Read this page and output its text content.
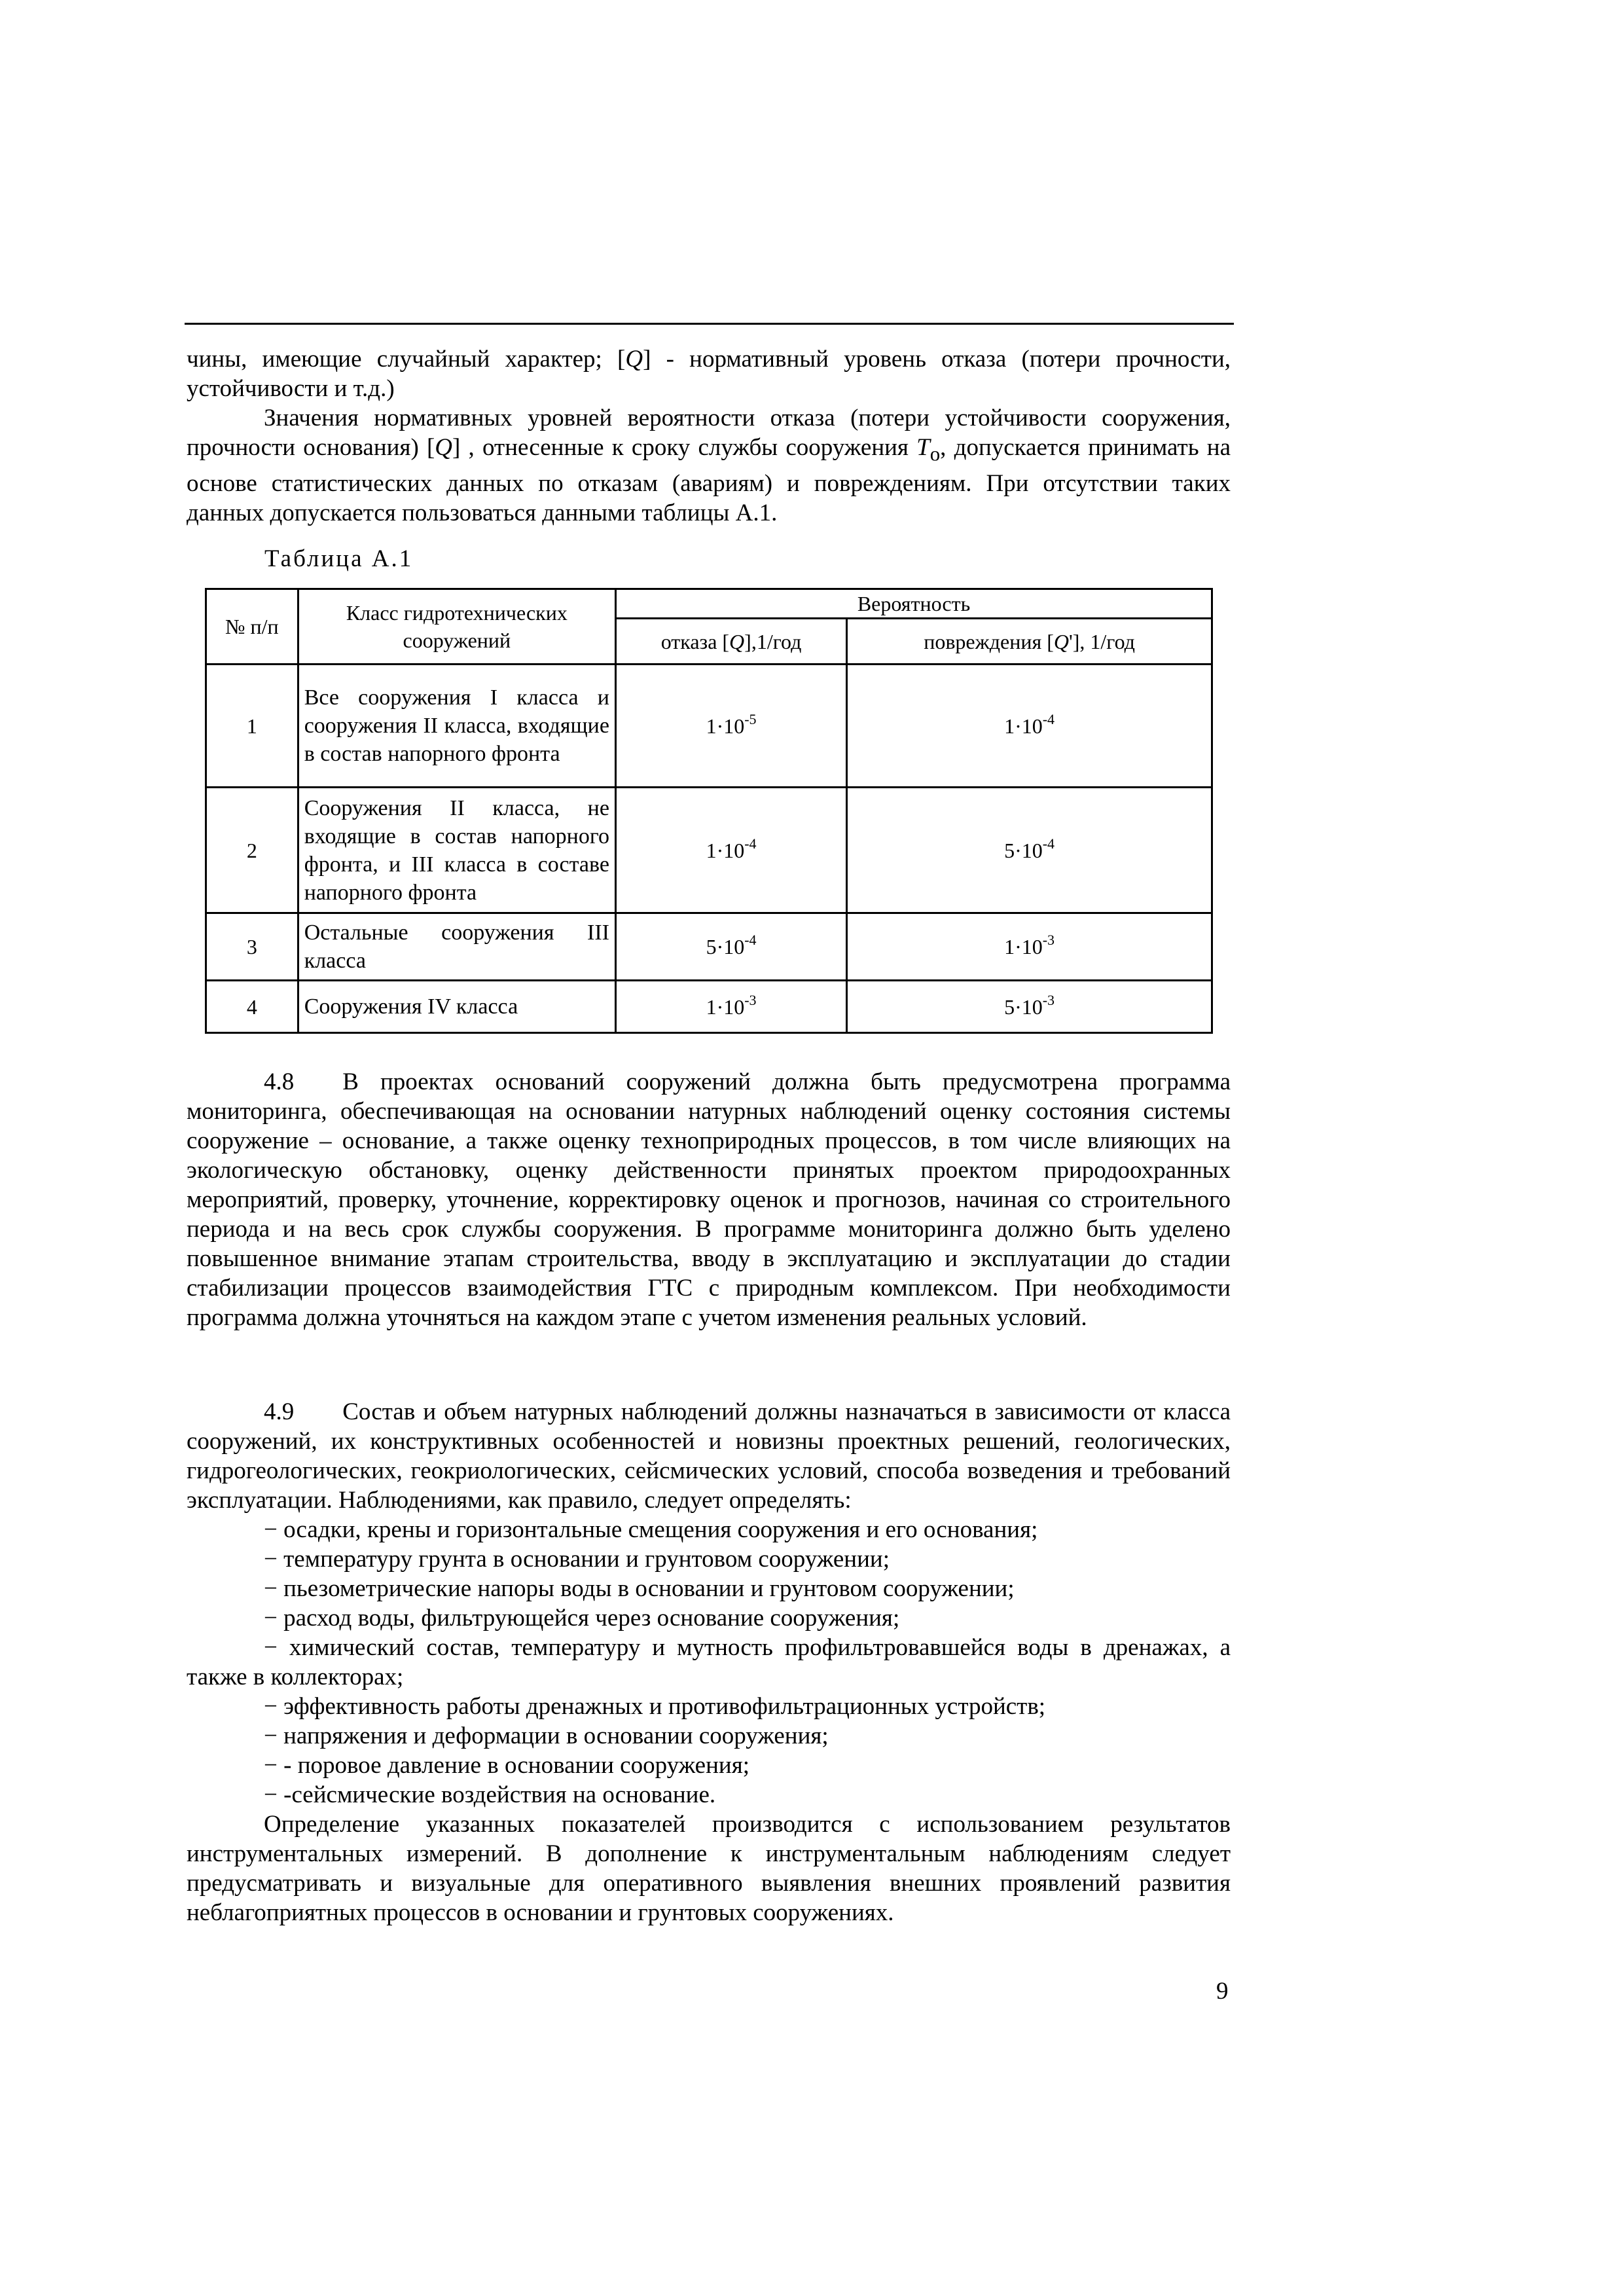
чины, имеющие случайный характер; [Q] - нормативный уровень отказа (потери прочности, устойчивости и т.д.)

Значения нормативных уровней вероятности отказа (потери устойчивости сооружения, прочности основания) [Q] , отнесенные к сроку службы сооружения $T_o$, допускается принимать на основе статистических данных по отказам (авариям) и повреждениям. При отсутствии таких данных допускается пользоваться данными таблицы А.1.

Таблица А.1
№ п/п	Класс гидротехнических сооружений	Вероятность	
		отказа [Q],1/год	повреждения [Q'], 1/год
1	Все сооружения I класса и сооружения II класса, входящие в состав напорного фронта	$1\cdot 10^{-5}$	$1\cdot 10^{-4}$
2	Сооружения II класса, не входящие в состав напорного фронта, и III класса в составе напорного фронта	$1\cdot 10^{-4}$	$5\cdot 10^{-4}$
3	Остальные сооружения III класса	$5\cdot 10^{-4}$	$1\cdot 10^{-3}$
4	Сооружения IV класса	$1\cdot 10^{-3}$	$5\cdot 10^{-3}$

4.8  В проектах оснований сооружений должна быть предусмотрена программа мониторинга, обеспечивающая на основании натурных наблюдений оценку состояния системы сооружение – основание, а также оценку техноприродных процессов, в том числе влияющих на экологическую обстановку, оценку действенности принятых проектом природоохранных мероприятий, проверку, уточнение, корректировку оценок и прогнозов, начиная со строительного периода и на весь срок службы сооружения. В программе мониторинга должно быть уделено повышенное внимание этапам строительства, вводу в эксплуатацию и эксплуатации до стадии стабилизации процессов взаимодействия ГТС с природным комплексом. При необходимости программа должна уточняться на каждом этапе с учетом изменения реальных условий.

4.9  Состав и объем натурных наблюдений должны назначаться в зависимости от класса сооружений, их конструктивных особенностей и новизны проектных решений, геологических, гидрогеологических, геокриологических, сейсмических условий, способа возведения и требований эксплуатации. Наблюдениями, как правило, следует определять:

− осадки, крены и горизонтальные смещения сооружения и его основания;

− температуру грунта в основании и грунтовом сооружении;

− пьезометрические напоры воды в основании и грунтовом сооружении;

− расход воды, фильтрующейся через основание сооружения;

− химический состав, температуру и мутность профильтровавшейся воды в дренажах, а также в коллекторах;

− эффективность работы дренажных и противофильтрационных устройств;

− напряжения и деформации в основании сооружения;

− - поровое давление в основании сооружения;

− -сейсмические воздействия на основание.

Определение указанных показателей производится с использованием результатов инструментальных измерений. В дополнение к инструментальным наблюдениям следует предусматривать и визуальные для оперативного выявления внешних проявлений развития неблагоприятных процессов в основании и грунтовых сооружениях.

9
